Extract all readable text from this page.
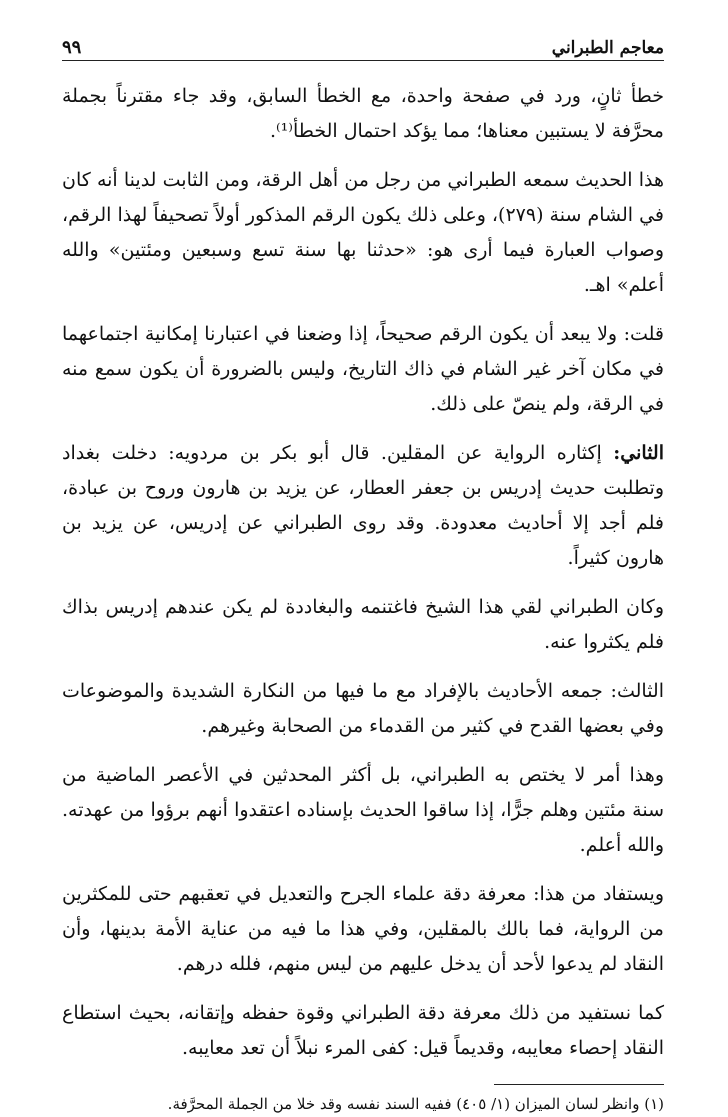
معاجم الطبراني
٩٩

خطأ ثانٍ، ورد في صفحة واحدة، مع الخطأ السابق، وقد جاء مقترناً بجملة محرَّفة لا يستبين معناها؛ مما يؤكد احتمال الخطأ⁽¹⁾.

هذا الحديث سمعه الطبراني من رجل من أهل الرقة، ومن الثابت لدينا أنه كان في الشام سنة (٢٧٩)، وعلى ذلك يكون الرقم المذكور أولاً تصحيفاً لهذا الرقم، وصواب العبارة فيما أرى هو: «حدثنا بها سنة تسع وسبعين ومئتين» والله أعلم» اهـ.

قلت: ولا يبعد أن يكون الرقم صحيحاً، إذا وضعنا في اعتبارنا إمكانية اجتماعهما في مكان آخر غير الشام في ذاك التاريخ، وليس بالضرورة أن يكون سمع منه في الرقة، ولم ينصّ على ذلك.

الثاني: إكثاره الرواية عن المقلين. قال أبو بكر بن مردويه: دخلت بغداد وتطلبت حديث إدريس بن جعفر العطار، عن يزيد بن هارون وروح بن عبادة، فلم أجد إلا أحاديث معدودة. وقد روى الطبراني عن إدريس، عن يزيد بن هارون كثيراً.

وكان الطبراني لقي هذا الشيخ فاغتنمه والبغاددة لم يكن عندهم إدريس بذاك فلم يكثروا عنه.

الثالث: جمعه الأحاديث بالإفراد مع ما فيها من النكارة الشديدة والموضوعات وفي بعضها القدح في كثير من القدماء من الصحابة وغيرهم.

وهذا أمر لا يختص به الطبراني، بل أكثر المحدثين في الأعصر الماضية من سنة مئتين وهلم جرًّا، إذا ساقوا الحديث بإسناده اعتقدوا أنهم برؤوا من عهدته. والله أعلم.

ويستفاد من هذا: معرفة دقة علماء الجرح والتعديل في تعقبهم حتى للمكثرين من الرواية، فما بالك بالمقلين، وفي هذا ما فيه من عناية الأمة بدينها، وأن النقاد لم يدعوا لأحد أن يدخل عليهم من ليس منهم، فلله درهم.

كما نستفيد من ذلك معرفة دقة الطبراني وقوة حفظه وإتقانه، بحيث استطاع النقاد إحصاء معايبه، وقديماً قيل: كفى المرء نبلاً أن تعد معايبه.

(١) وانظر لسان الميزان (١/ ٤٠٥) ففيه السند نفسه وقد خلا من الجملة المحرَّفة.
